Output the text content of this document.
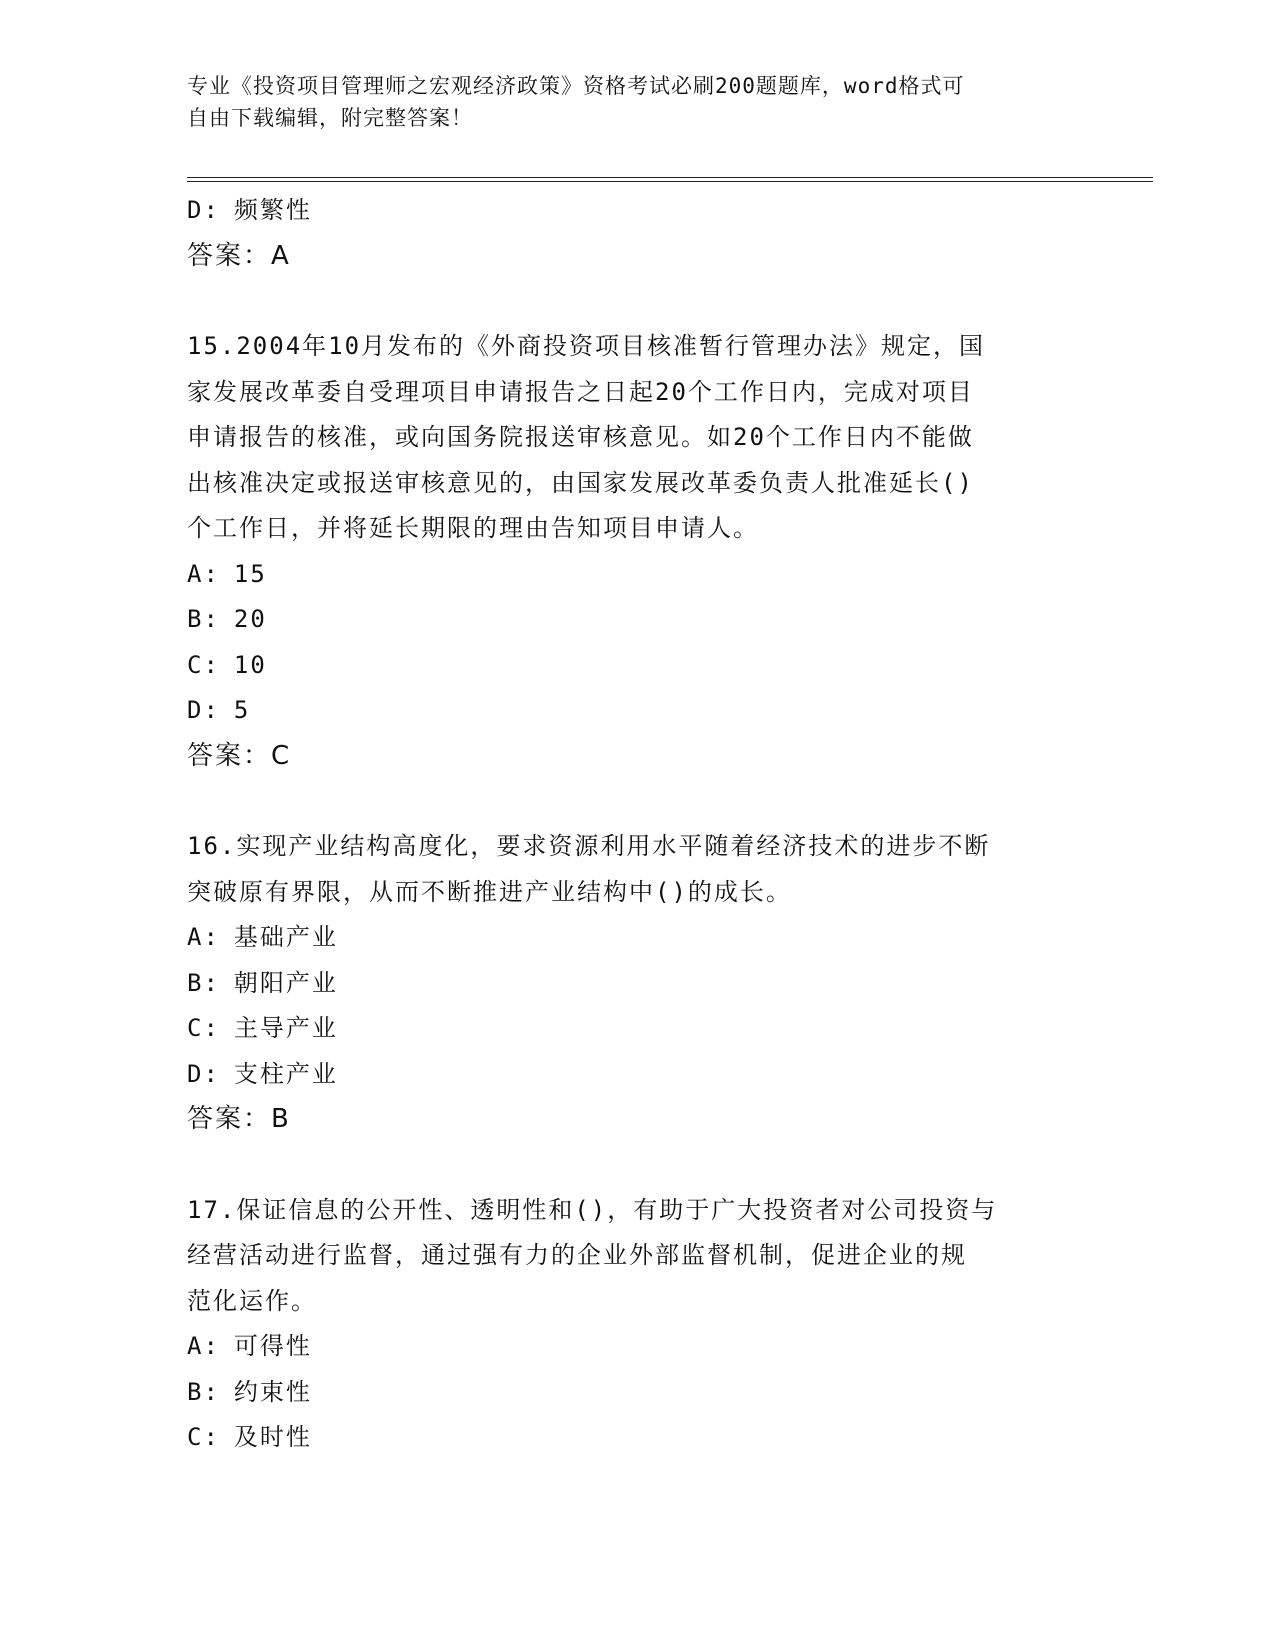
专业《投资项目管理师之宏观经济政策》资格考试必刷200题题库，word格式可

自由下载编辑，附完整答案！

D: 频繁性

答案：A

15.2004年10月发布的《外商投资项目核准暂行管理办法》规定，国

家发展改革委自受理项目申请报告之日起20个工作日内，完成对项目

申请报告的核准，或向国务院报送审核意见。如20个工作日内不能做

出核准决定或报送审核意见的，由国家发展改革委负责人批准延长()

个工作日，并将延长期限的理由告知项目申请人。

A: 15

B: 20

C: 10

D: 5

答案：C

16.实现产业结构高度化，要求资源利用水平随着经济技术的进步不断

突破原有界限，从而不断推进产业结构中()的成长。

A: 基础产业

B: 朝阳产业

C: 主导产业

D: 支柱产业

答案：B

17.保证信息的公开性、透明性和()，有助于广大投资者对公司投资与

经营活动进行监督，通过强有力的企业外部监督机制，促进企业的规

范化运作。

A: 可得性

B: 约束性

C: 及时性
